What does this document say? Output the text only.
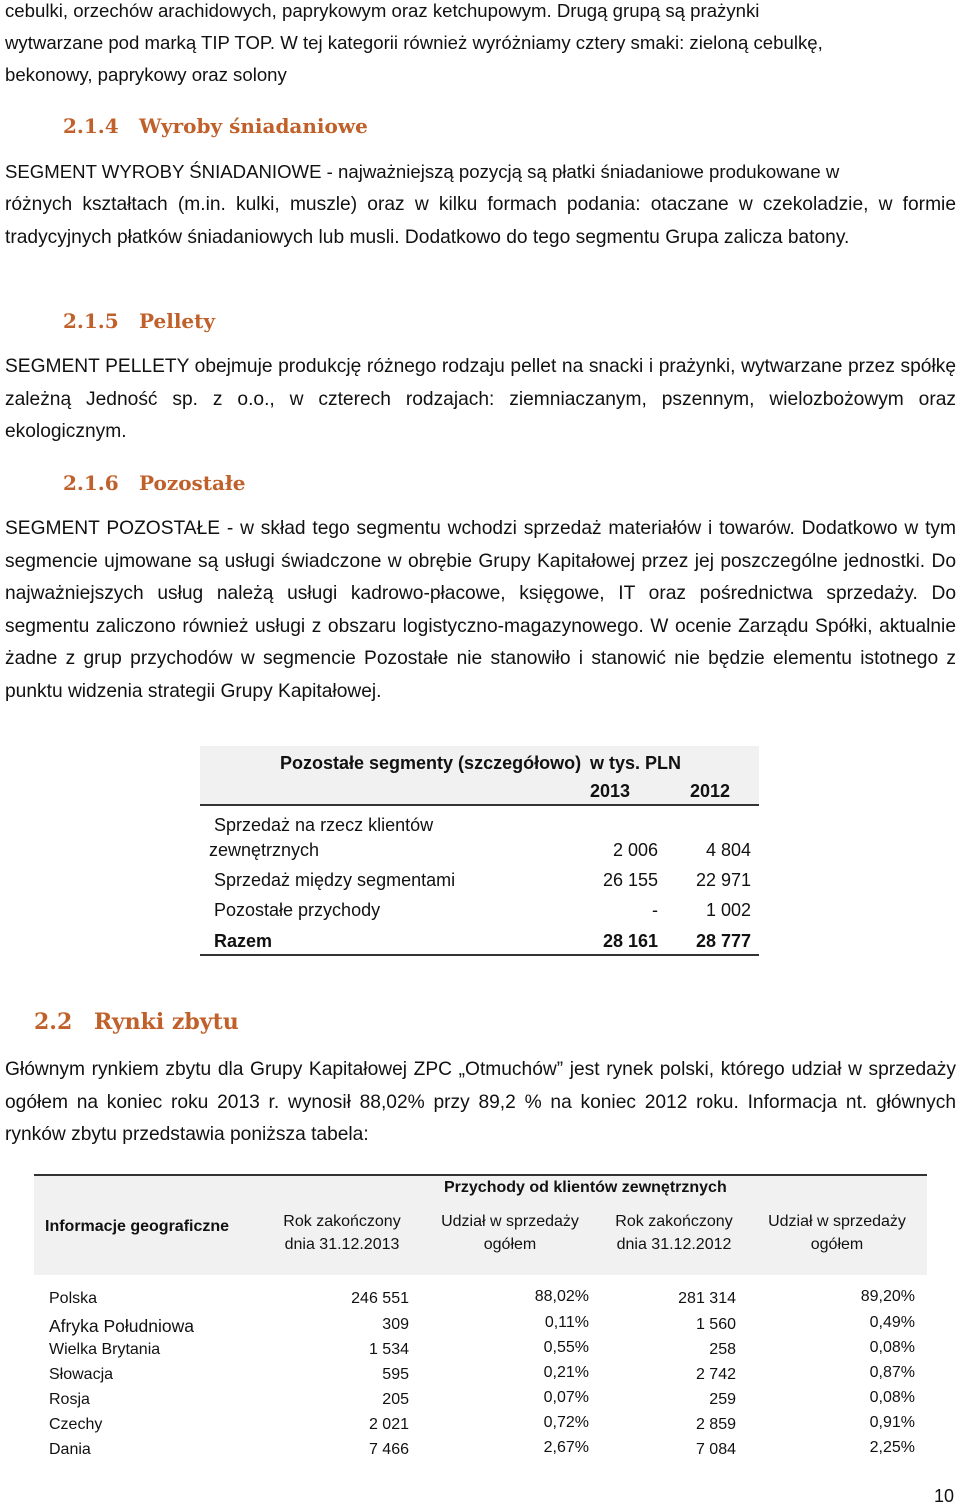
cebulki, orzechów arachidowych, paprykowym oraz ketchupowym. Drugą grupą są prażynki

wytwarzane pod marką TIP TOP. W tej kategorii również wyróżniamy cztery smaki: zieloną cebulkę,

bekonowy, paprykowy oraz solony

2.1.4 Wyroby śniadaniowe

SEGMENT WYROBY ŚNIADANIOWE - najważniejszą pozycją są płatki śniadaniowe produkowane w

różnych kształtach (m.in. kulki, muszle) oraz w kilku formach podania: otaczane w czekoladzie, w formie tradycyjnych płatków śniadaniowych lub musli. Dodatkowo do tego segmentu Grupa zalicza batony.

2.1.5 Pellety

SEGMENT PELLETY obejmuje produkcję różnego rodzaju pellet na snacki i prażynki, wytwarzane przez spółkę zależną Jedność sp. z o.o., w czterech rodzajach: ziemniaczanym, pszennym, wielozbożowym oraz ekologicznym.

2.1.6 Pozostałe

SEGMENT POZOSTAŁE - w skład tego segmentu wchodzi sprzedaż materiałów i towarów. Dodatkowo w tym segmencie ujmowane są usługi świadczone w obrębie Grupy Kapitałowej przez jej poszczególne jednostki. Do najważniejszych usług należą usługi kadrowo-płacowe, księgowe, IT oraz pośrednictwa sprzedaży. Do segmentu zaliczono również usługi z obszaru logistyczno-magazynowego. W ocenie Zarządu Spółki, aktualnie żadne z grup przychodów w segmencie Pozostałe nie stanowiło i stanowić nie będzie elementu istotnego z punktu widzenia strategii Grupy Kapitałowej.

Pozostałe segmenty (szczegółowo) w tys. PLN
2013	2012
Sprzedaż na rzecz klientów
zewnętrznych	2 006	4 804
Sprzedaż między segmentami	26 155	22 971
Pozostałe przychody	-	1 002
Razem	28 161	28 777
2.2 Rynki zbytu

Głównym rynkiem zbytu dla Grupy Kapitałowej ZPC „Otmuchów” jest rynek polski, którego udział w sprzedaży ogółem na koniec roku 2013 r. wynosił 88,02% przy 89,2 % na koniec 2012 roku. Informacja nt. głównych rynków zbytu przedstawia poniższa tabela:

Przychody od klientów zewnętrznych
Informacje geograficzne	Rok zakończony
dnia 31.12.2013
Udział w sprzedaży
ogółem
Rok zakończony
dnia 31.12.2012
Udział w sprzedaży
ogółem
Polska	246 551	88,02%	281 314	89,20%
Afryka Południowa	309	0,11%	1 560	0,49%
Wielka Brytania	1 534	0,55%	258	0,08%
Słowacja	595	0,21%	2 742	0,87%
Rosja	205	0,07%	259	0,08%
Czechy	2 021	0,72%	2 859	0,91%
Dania	7 466	2,67%	7 084	2,25%
10
